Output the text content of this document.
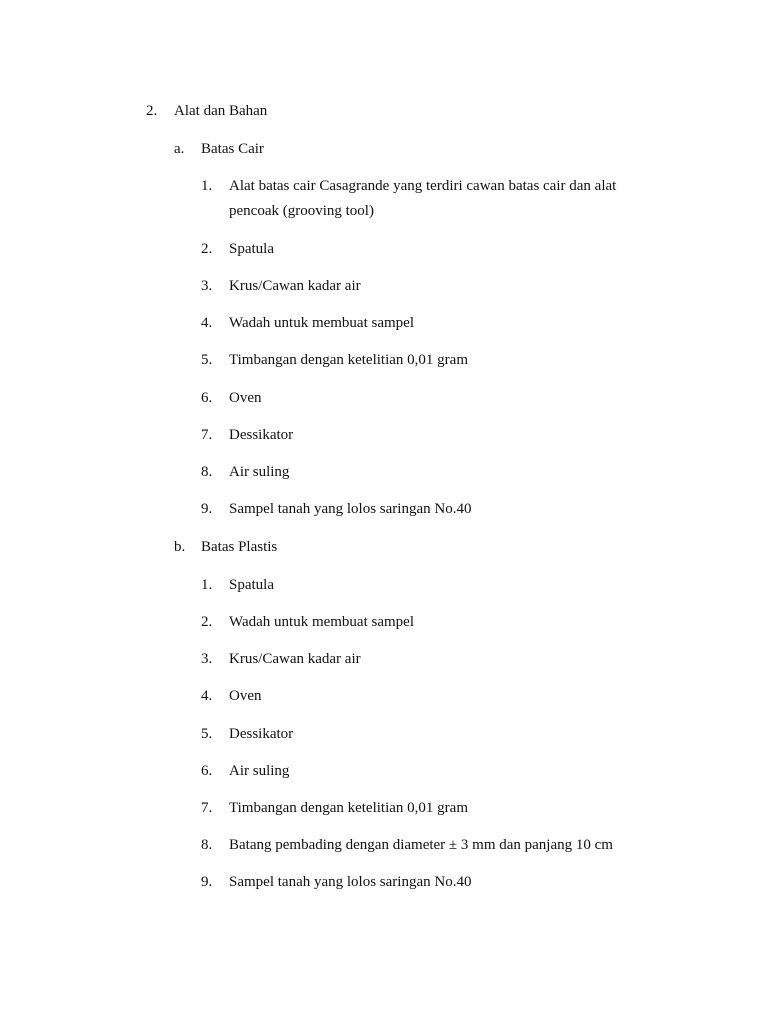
2. Alat dan Bahan
a. Batas Cair
1. Alat batas cair Casagrande yang terdiri cawan batas cair dan alat
pencoak (grooving tool)
2. Spatula
3. Krus/Cawan kadar air
4. Wadah untuk membuat sampel
5. Timbangan dengan ketelitian 0,01 gram
6. Oven
7. Dessikator
8. Air suling
9. Sampel tanah yang lolos saringan No.40
b. Batas Plastis
1. Spatula
2. Wadah untuk membuat sampel
3. Krus/Cawan kadar air
4. Oven
5. Dessikator
6. Air suling
7. Timbangan dengan ketelitian 0,01 gram
8. Batang pembading dengan diameter ± 3 mm dan panjang 10 cm
9. Sampel tanah yang lolos saringan No.40
